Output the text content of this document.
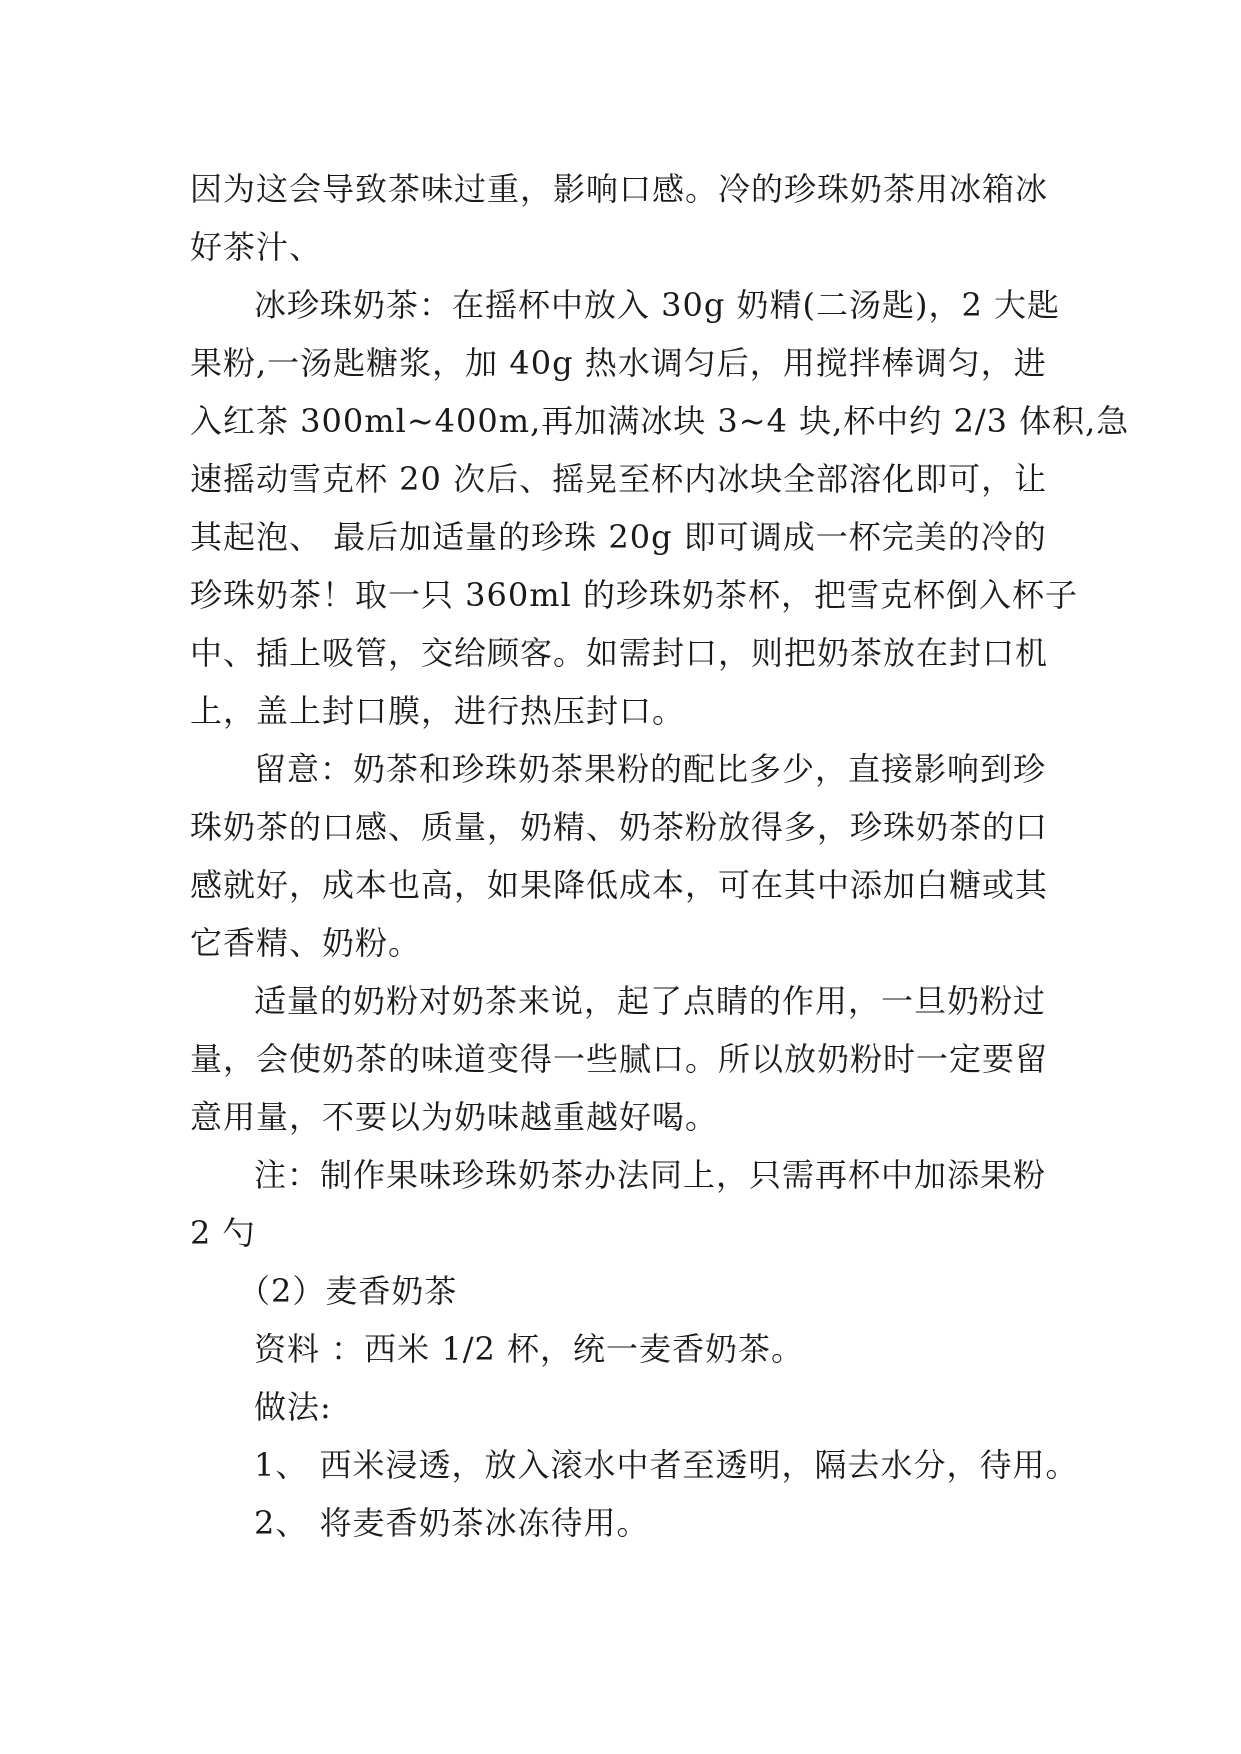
因为这会导致茶味过重，影响口感。冷的珍珠奶茶用冰箱冰
好茶汁、
冰珍珠奶茶：在摇杯中放入 30g 奶精(二汤匙)，2 大匙
果粉,一汤匙糖浆，加 40g 热水调匀后，用搅拌棒调匀，进
入红茶 300ml~400m,再加满冰块 3~4 块,杯中约 2/3 体积,急
速摇动雪克杯 20 次后、摇晃至杯内冰块全部溶化即可，让
其起泡、 最后加适量的珍珠 20g 即可调成一杯完美的冷的
珍珠奶茶！取一只 360ml 的珍珠奶茶杯，把雪克杯倒入杯子
中、插上吸管，交给顾客。如需封口，则把奶茶放在封口机
上，盖上封口膜，进行热压封口。
留意：奶茶和珍珠奶茶果粉的配比多少，直接影响到珍
珠奶茶的口感、质量，奶精、奶茶粉放得多，珍珠奶茶的口
感就好，成本也高，如果降低成本，可在其中添加白糖或其
它香精、奶粉。
适量的奶粉对奶茶来说，起了点睛的作用，一旦奶粉过
量，会使奶茶的味道变得一些腻口。所以放奶粉时一定要留
意用量，不要以为奶味越重越好喝。
注：制作果味珍珠奶茶办法同上，只需再杯中加添果粉
2 勺
（2）麦香奶茶
资料 ：西米 1/2 杯，统一麦香奶茶。
做法:
1、 西米浸透，放入滚水中者至透明，隔去水分，待用。
2、 将麦香奶茶冰冻待用。
